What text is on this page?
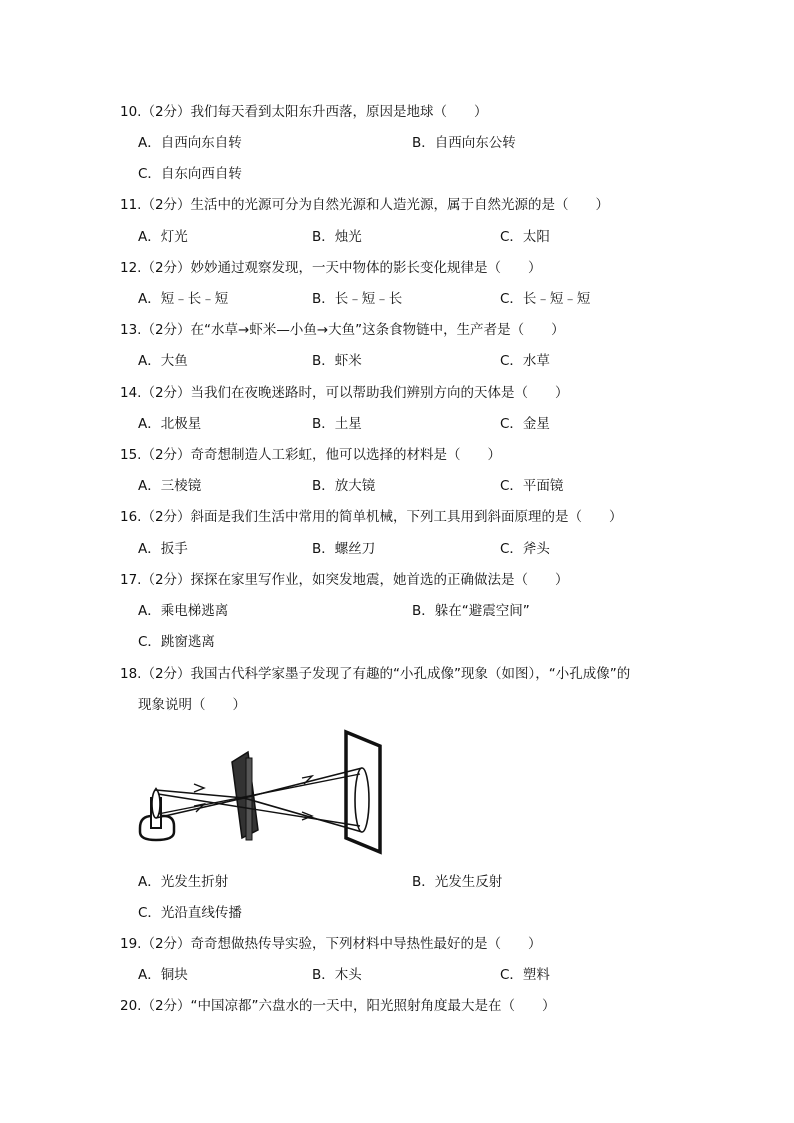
10.（2分）我们每天看到太阳东升西落，原因是地球（　　）
A．自西向东自转	B．自西向东公转
C．自东向西自转
11.（2分）生活中的光源可分为自然光源和人造光源，属于自然光源的是（　　）
A．灯光	B．烛光	C．太阳
12.（2分）妙妙通过观察发现，一天中物体的影长变化规律是（　　）
A．短﹣长﹣短	B．长﹣短﹣长	C．长﹣短﹣短
13.（2分）在“水草→虾米—小鱼→大鱼”这条食物链中，生产者是（　　）
A．大鱼	B．虾米	C．水草
14.（2分）当我们在夜晚迷路时，可以帮助我们辨别方向的天体是（　　）
A．北极星	B．土星	C．金星
15.（2分）奇奇想制造人工彩虹，他可以选择的材料是（　　）
A．三棱镜	B．放大镜	C．平面镜
16.（2分）斜面是我们生活中常用的简单机械，下列工具用到斜面原理的是（　　）
A．扳手	B．螺丝刀	C．斧头
17.（2分）探探在家里写作业，如突发地震，她首选的正确做法是（　　）
A．乘电梯逃离	B．躲在“避震空间”
C．跳窗逃离
18.（2分）我国古代科学家墨子发现了有趣的“小孔成像”现象（如图），“小孔成像”的
现象说明（　　）
A．光发生折射	B．光发生反射
C．光沿直线传播
19.（2分）奇奇想做热传导实验，下列材料中导热性最好的是（　　）
A．铜块	B．木头	C．塑料
20.（2分）“中国凉都”六盘水的一天中，阳光照射角度最大是在（　　）
